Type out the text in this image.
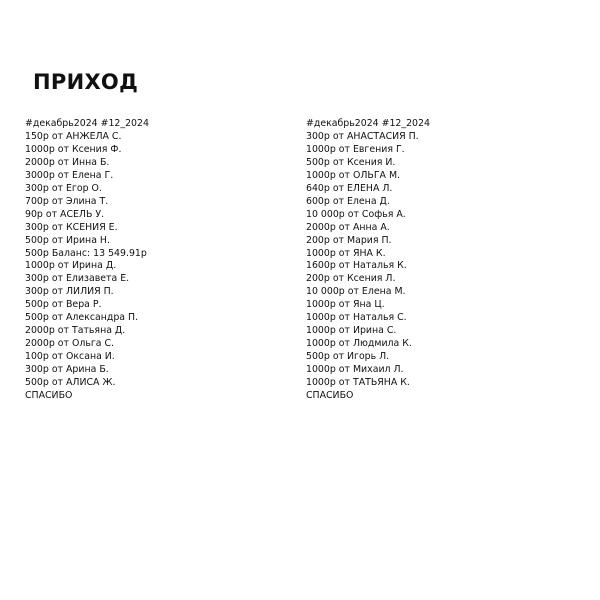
ПРИХОД
#декабрь2024 #12_2024
150р от АНЖЕЛА С.
1000р от Ксения Ф.
2000р от Инна Б.
3000р от Елена Г.
300р от Егор О.
700р от Элина Т.
90р от АСЕЛЬ У.
300р от КСЕНИЯ Е.
500р от Ирина Н.
500р Баланс: 13 549.91р
1000р от Ирина Д.
300р от Елизавета Е.
300р от ЛИЛИЯ П.
500р от Вера Р.
500р от Александра П.
2000р от Татьяна Д.
2000р от Ольга С.
100р от Оксана И.
300р от Арина Б.
500р от АЛИСА Ж.
СПАСИБО
#декабрь2024 #12_2024
300р от АНАСТАСИЯ П.
1000р от Евгения Г.
500р от Ксения И.
1000р от ОЛЬГА М.
640р от ЕЛЕНА Л.
600р от Елена Д.
10 000р от Софья А.
2000р от Анна А.
200р от Мария П.
1000р от ЯНА К.
1600р от Наталья К.
200р от Ксения Л.
10 000р от Елена М.
1000р от Яна Ц.
1000р от Наталья С.
1000р от Ирина С.
1000р от Людмила К.
500р от Игорь Л.
1000р от Михаил Л.
1000р от ТАТЬЯНА К.
СПАСИБО
